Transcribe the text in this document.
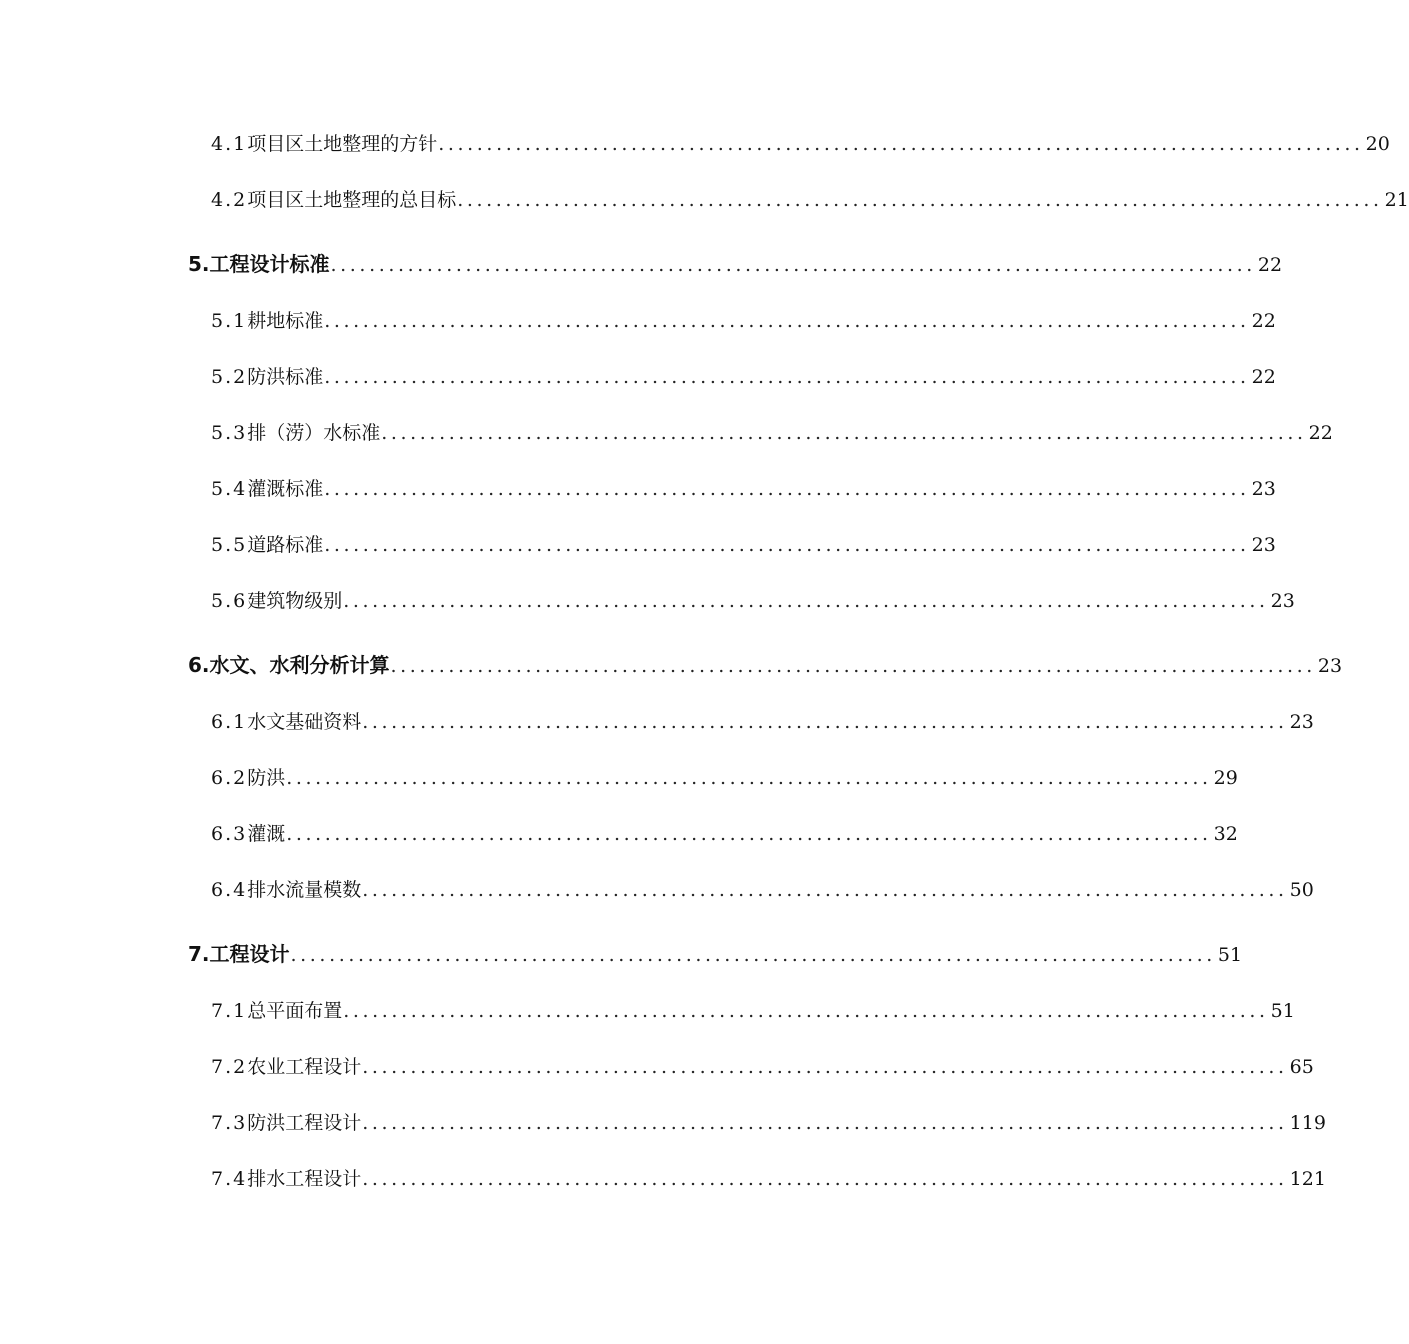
4.1 项目区土地整理的方针 ................................................................................................ 20
4.2 项目区土地整理的总目标 ................................................................................................ 21
5. 工程设计标准 ................................................................................................ 22
5.1 耕地标准 ................................................................................................ 22
5.2 防洪标准 ................................................................................................ 22
5.3 排（涝）水标准 ................................................................................................ 22
5.4 灌溉标准 ................................................................................................ 23
5.5 道路标准 ................................................................................................ 23
5.6 建筑物级别 ................................................................................................ 23
6. 水文、水利分析计算 ................................................................................................ 23
6.1 水文基础资料 ................................................................................................ 23
6.2 防洪 ................................................................................................ 29
6.3 灌溉 ................................................................................................ 32
6.4 排水流量模数 ................................................................................................ 50
7. 工程设计 ................................................................................................ 51
7.1 总平面布置 ................................................................................................ 51
7.2 农业工程设计 ................................................................................................ 65
7.3 防洪工程设计 ................................................................................................ 119
7.4 排水工程设计 ................................................................................................ 121
